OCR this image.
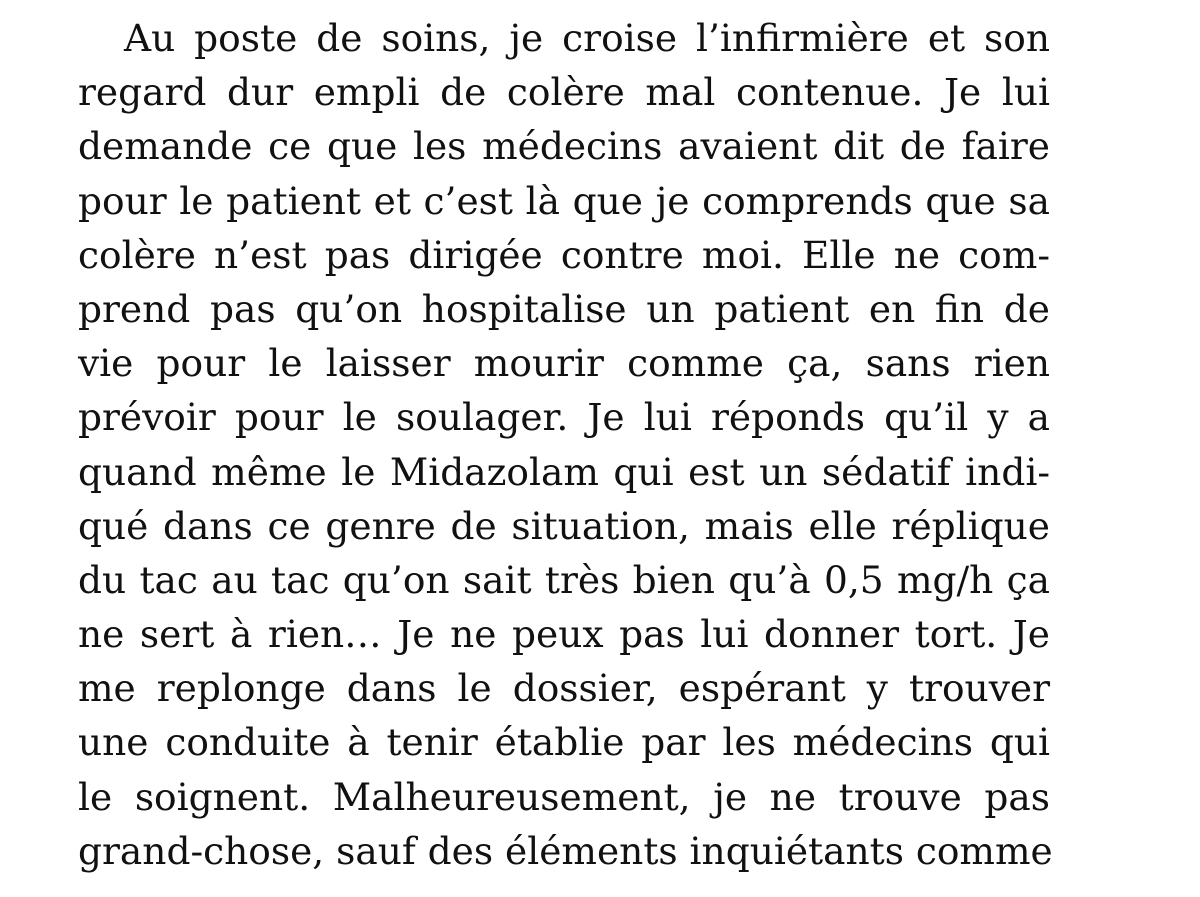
Au poste de soins, je croise l’infirmière et son
regard dur empli de colère mal contenue. Je lui
demande ce que les médecins avaient dit de faire
pour le patient et c’est là que je comprends que sa
colère n’est pas dirigée contre moi. Elle ne com-
prend pas qu’on hospitalise un patient en fin de
vie pour le laisser mourir comme ça, sans rien
prévoir pour le soulager. Je lui réponds qu’il y a
quand même le Midazolam qui est un sédatif indi-
qué dans ce genre de situation, mais elle réplique
du tac au tac qu’on sait très bien qu’à 0,5 mg/h ça
ne sert à rien… Je ne peux pas lui donner tort. Je
me replonge dans le dossier, espérant y trouver
une conduite à tenir établie par les médecins qui
le soignent. Malheureusement, je ne trouve pas
grand-chose, sauf des éléments inquiétants comme
